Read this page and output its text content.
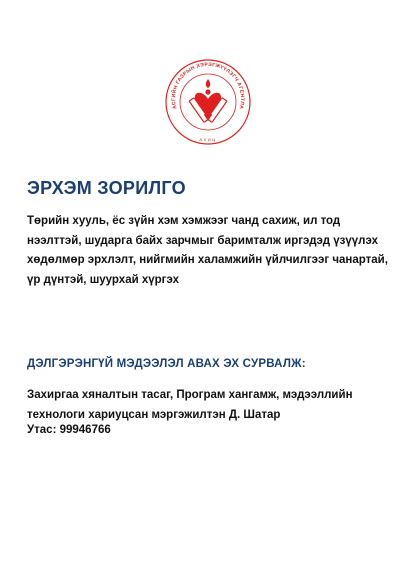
АСГИЙН ГАЗРЫН ХЭРЭГЖҮҮЛЭГЧ АГЕНТЛА
АХИЦ
ЭРХЭМ ЗОРИЛГО

Төрийн хууль, ёс зүйн хэм хэмжээг чанд сахиж, ил тод нээлттэй, шударга байх зарчмыг баримталж иргэдэд үзүүлэх хөдөлмөр эрхлэлт, нийгмийн халамжийн үйлчилгээг чанартай, үр дүнтэй, шуурхай хүргэх

ДЭЛГЭРЭНГҮЙ МЭДЭЭЛЭЛ АВАХ ЭХ СУРВАЛЖ:

Захиргаа хяналтын тасаг, Програм хангамж, мэдээллийн технологи хариуцсан мэргэжилтэн Д. Шатар

Утас: 99946766
